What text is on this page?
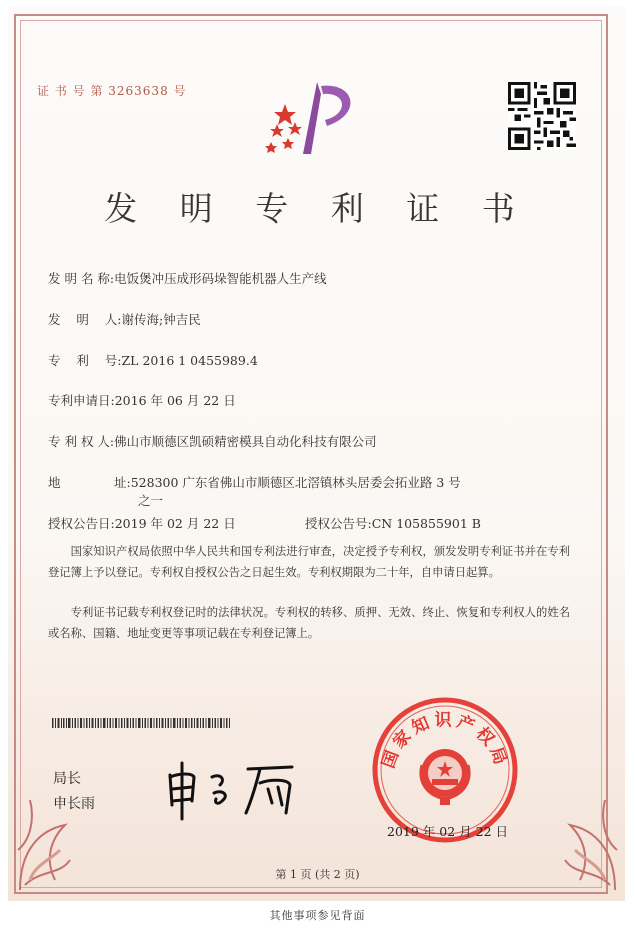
证 书 号 第 3263638 号
发 明 专 利 证 书
发 明 名 称:电饭煲冲压成形码垛智能机器人生产线
发    明    人:谢传海;钟吉民
专    利    号:ZL 2016 1 0455989.4
专利申请日:2016 年 06 月 22 日
专 利 权 人:佛山市顺德区凯硕精密模具自动化科技有限公司
地	址:528300 广东省佛山市顺德区北滘镇林头居委会拓业路 3 号
之一
授权公告日:2019 年 02 月 22 日	授权公告号:CN 105855901 B
国家知识产权局依照中华人民共和国专利法进行审查，决定授予专利权，颁发发明专利证书并在专利登记簿上予以登记。专利权自授权公告之日起生效。专利权期限为二十年，自申请日起算。
专利证书记载专利权登记时的法律状况。专利权的转移、质押、无效、终止、恢复和专利权人的姓名或名称、国籍、地址变更等事项记载在专利登记簿上。
局长
申长雨
国家知识产权局
2019 年 02 月 22 日
第 1 页 (共 2 页)
其他事项参见背面
